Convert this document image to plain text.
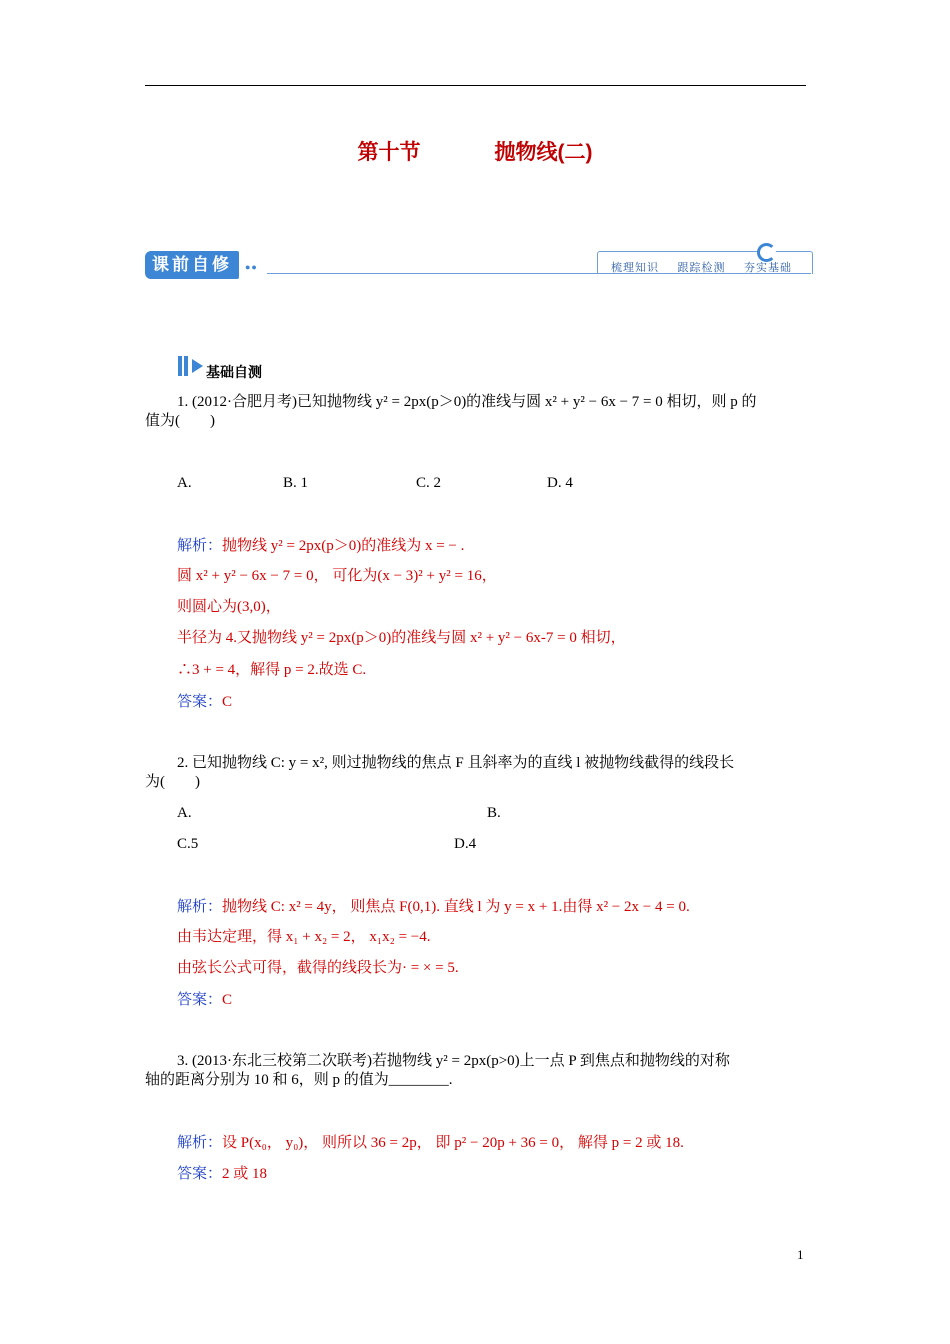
第十节	抛物线(二)
课前自修	●●	梳理知识 跟踪检测 夯实基础
基础自测
1. (2012·合肥月考)已知抛物线 y² = 2px(p＞0)的准线与圆 x² + y² − 6x − 7 = 0 相切，则 p 的
值为(　　)
A.	B. 1	C. 2	D. 4
解析：抛物线 y² = 2px(p＞0)的准线为 x = − .
圆 x² + y² − 6x − 7 = 0， 可化为(x − 3)² + y² = 16，
则圆心为(3,0)，
半径为 4.又抛物线 y² = 2px(p＞0)的准线与圆 x² + y² − 6x-7 = 0 相切，
∴3 + = 4，解得 p = 2.故选 C.
答案：C
2. 已知抛物线 C: y = x², 则过抛物线的焦点 F 且斜率为的直线 l 被抛物线截得的线段长
为(　　)
A.	B.
C.5	D.4
解析：抛物线 C: x² = 4y， 则焦点 F(0,1). 直线 l 为 y = x + 1.由得 x² − 2x − 4 = 0.
由韦达定理，得 x₁ + x₂ = 2， x₁x₂ = −4.
由弦长公式可得，截得的线段长为· = × = 5.
答案：C
3. (2013·东北三校第二次联考)若抛物线 y² = 2px(p>0)上一点 P 到焦点和抛物线的对称
轴的距离分别为 10 和 6，则 p 的值为________.
解析：设 P(x₀， y₀)， 则所以 36 = 2p， 即 p² − 20p + 36 = 0， 解得 p = 2 或 18.
答案：2 或 18
1
